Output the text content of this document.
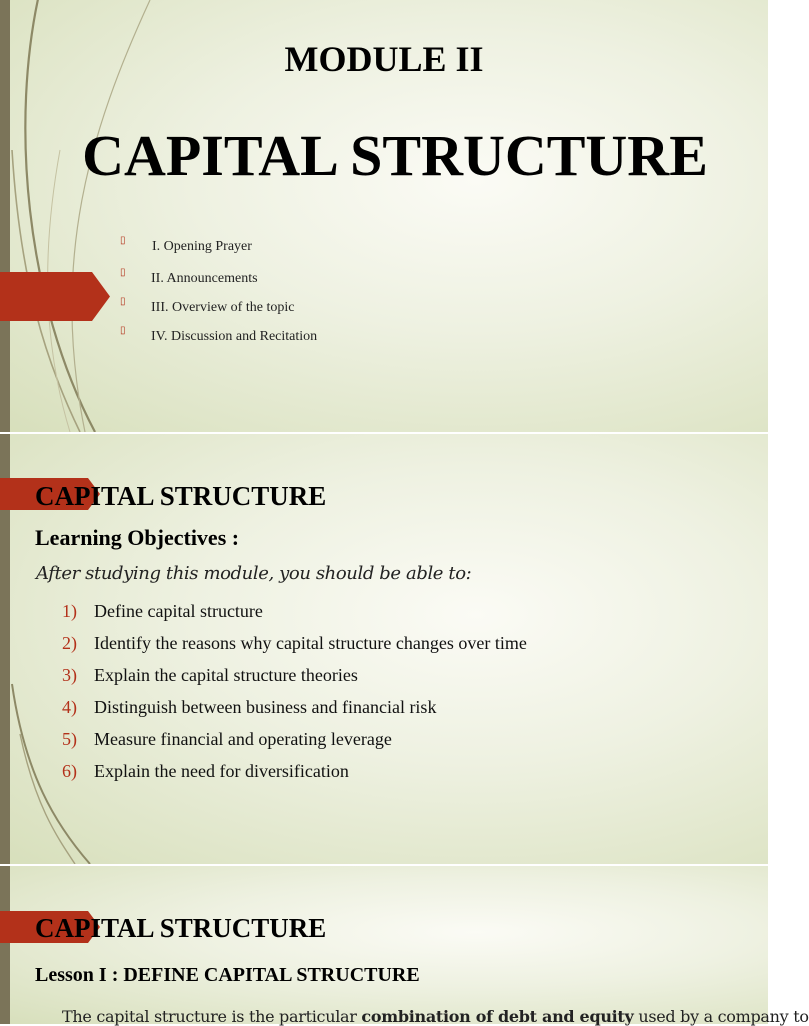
MODULE II
CAPITAL STRUCTURE
▯ I. Opening Prayer
▯ II. Announcements
▯ III. Overview of the topic
▯ IV. Discussion and Recitation
CAPITAL STRUCTURE
Learning Objectives :
After studying this module, you should be able to:
1) Define capital structure
2) Identify the reasons why capital structure changes over time
3) Explain the capital structure theories
4) Distinguish between business and financial risk
5) Measure financial and operating leverage
6) Explain the need for diversification
CAPITAL STRUCTURE
Lesson I : DEFINE CAPITAL STRUCTURE
The capital structure is the particular combination of debt and equity used by a company to
